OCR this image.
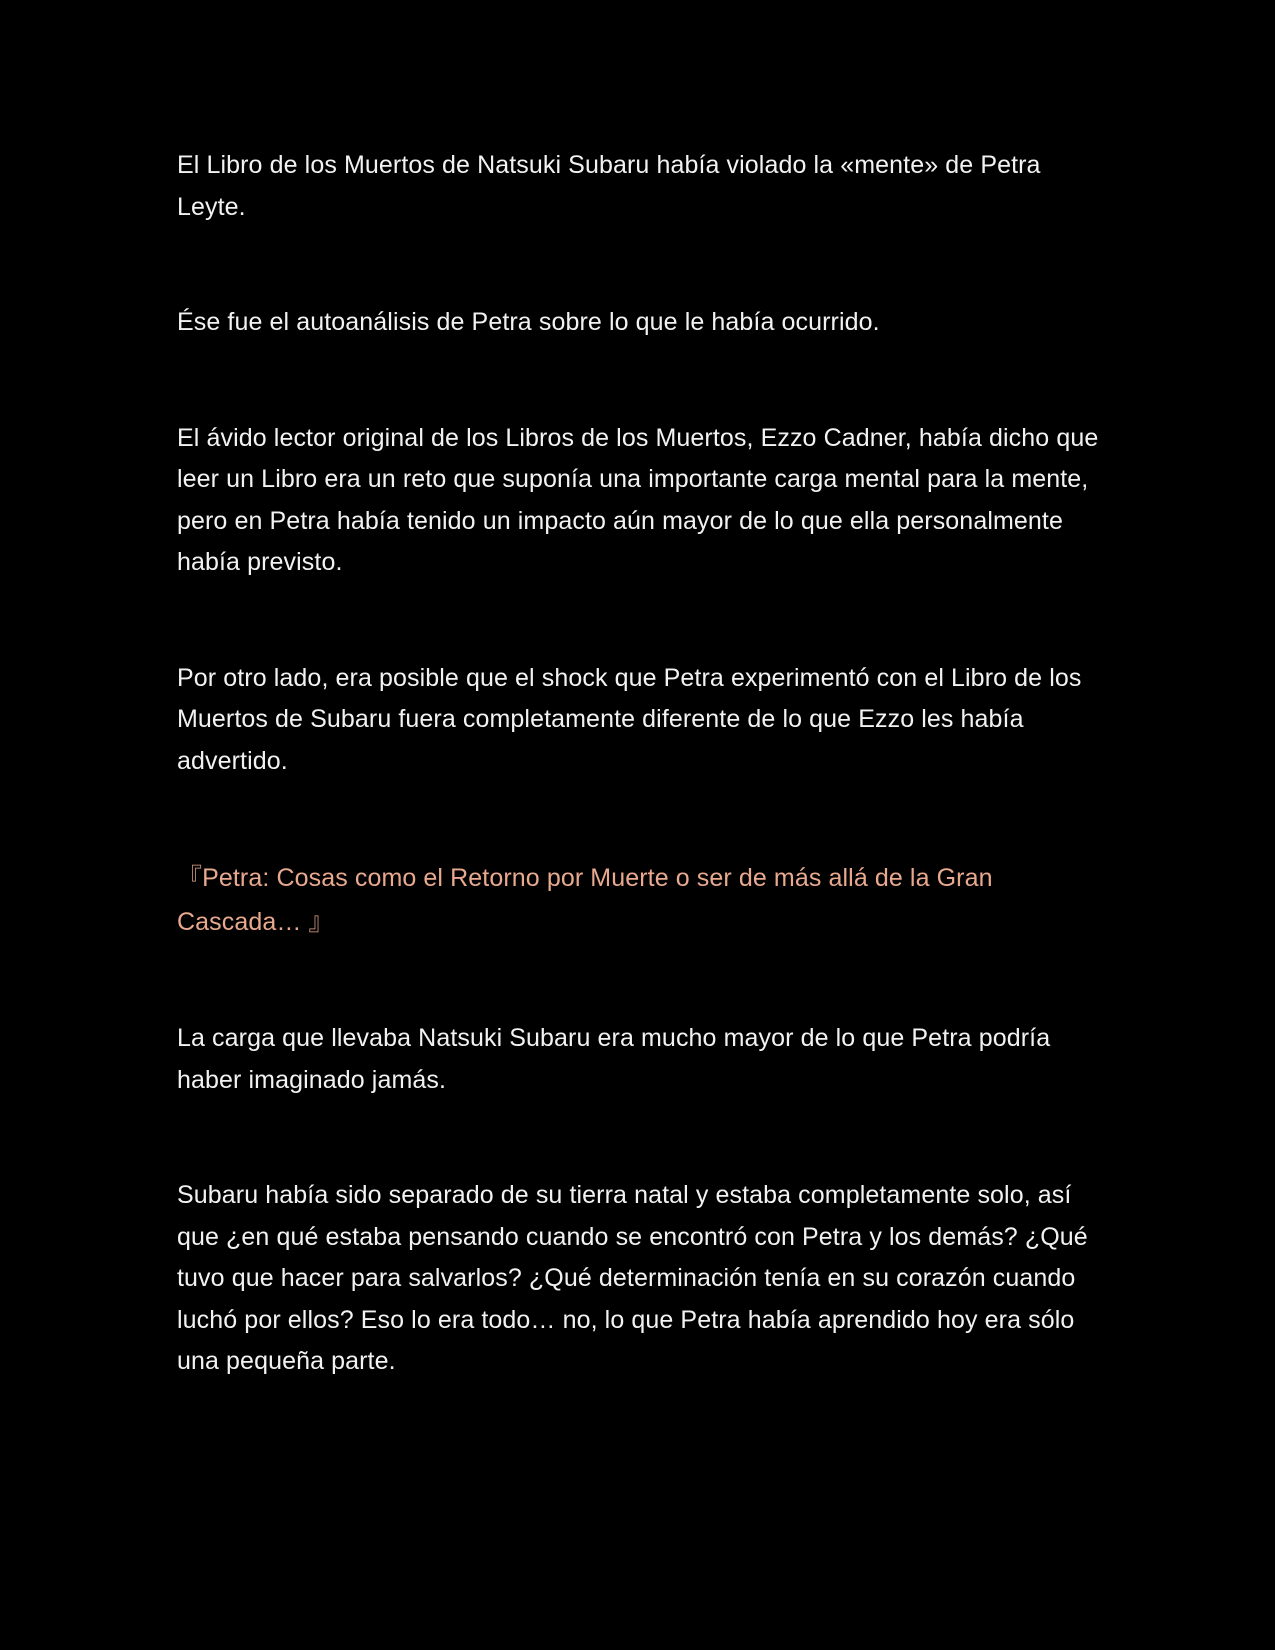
El Libro de los Muertos de Natsuki Subaru había violado la «mente» de Petra Leyte.

Ése fue el autoanálisis de Petra sobre lo que le había ocurrido.

El ávido lector original de los Libros de los Muertos, Ezzo Cadner, había dicho que leer un Libro era un reto que suponía una importante carga mental para la mente, pero en Petra había tenido un impacto aún mayor de lo que ella personalmente había previsto.

Por otro lado, era posible que el shock que Petra experimentó con el Libro de los Muertos de Subaru fuera completamente diferente de lo que Ezzo les había advertido.

『Petra: Cosas como el Retorno por Muerte o ser de más allá de la Gran Cascada… 』

La carga que llevaba Natsuki Subaru era mucho mayor de lo que Petra podría haber imaginado jamás.

Subaru había sido separado de su tierra natal y estaba completamente solo, así que ¿en qué estaba pensando cuando se encontró con Petra y los demás? ¿Qué tuvo que hacer para salvarlos? ¿Qué determinación tenía en su corazón cuando luchó por ellos? Eso lo era todo… no, lo que Petra había aprendido hoy era sólo una pequeña parte.
